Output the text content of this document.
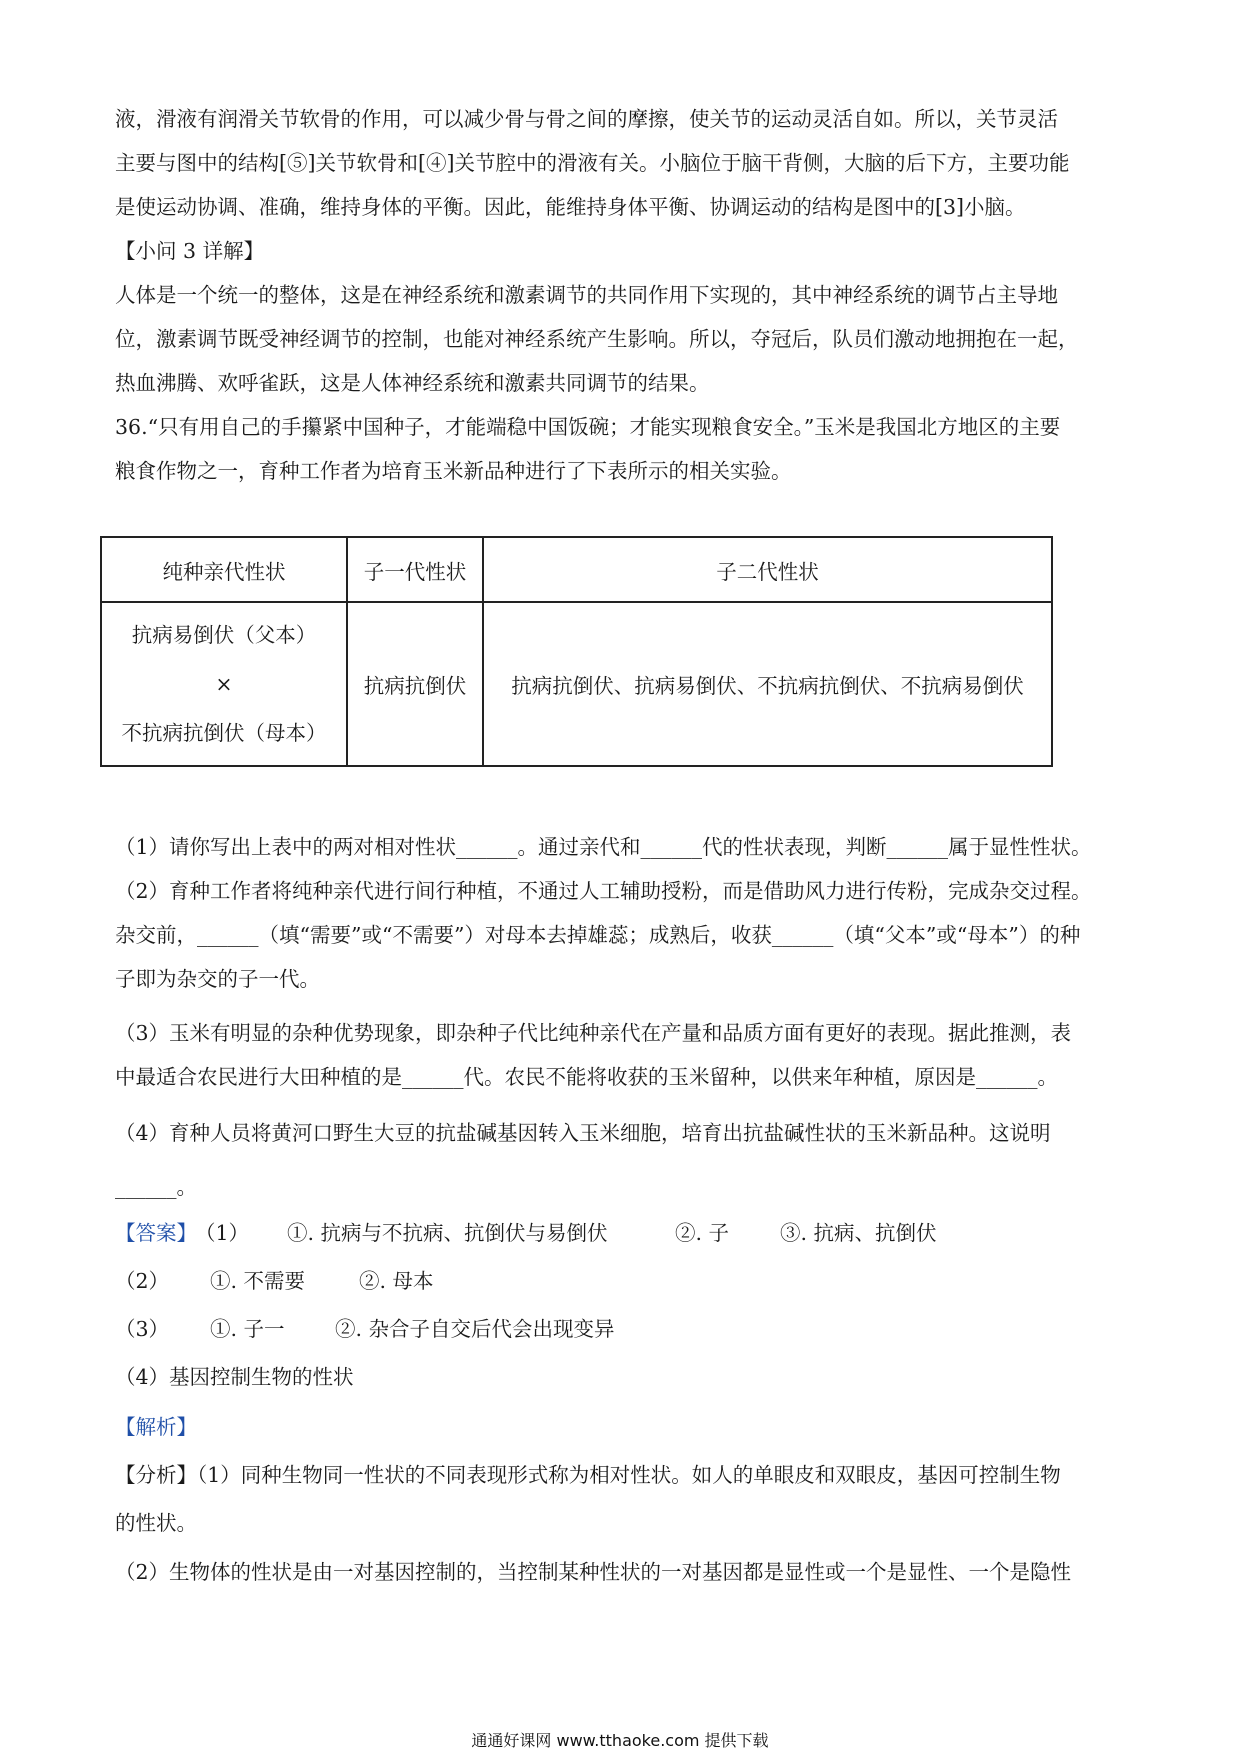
液，滑液有润滑关节软骨的作用，可以减少骨与骨之间的摩擦，使关节的运动灵活自如。所以，关节灵活
主要与图中的结构[⑤]关节软骨和[④]关节腔中的滑液有关。小脑位于脑干背侧，大脑的后下方，主要功能
是使运动协调、准确，维持身体的平衡。因此，能维持身体平衡、协调运动的结构是图中的[3]小脑。
【小问 3 详解】
人体是一个统一的整体，这是在神经系统和激素调节的共同作用下实现的，其中神经系统的调节占主导地
位，激素调节既受神经调节的控制，也能对神经系统产生影响。所以，夺冠后，队员们激动地拥抱在一起，
热血沸腾、欢呼雀跃，这是人体神经系统和激素共同调节的结果。
36.“只有用自己的手攥紧中国种子，才能端稳中国饭碗；才能实现粮食安全。”玉米是我国北方地区的主要
粮食作物之一，育种工作者为培育玉米新品种进行了下表所示的相关实验。
纯种亲代性状	子一代性状	子二代性状

抗病易倒伏（父本）
×
不抗病抗倒伏（母本）	抗病抗倒伏	抗病抗倒伏、抗病易倒伏、不抗病抗倒伏、不抗病易倒伏
（1）请你写出上表中的两对相对性状______。通过亲代和______代的性状表现，判断______属于显性性状。
（2）育种工作者将纯种亲代进行间行种植，不通过人工辅助授粉，而是借助风力进行传粉，完成杂交过程。
杂交前，______（填“需要”或“不需要”）对母本去掉雄蕊；成熟后，收获______（填“父本”或“母本”）的种
子即为杂交的子一代。
（3）玉米有明显的杂种优势现象，即杂种子代比纯种亲代在产量和品质方面有更好的表现。据此推测，表
中最适合农民进行大田种植的是______代。农民不能将收获的玉米留种，以供来年种植，原因是______。
（4）育种人员将黄河口野生大豆的抗盐碱基因转入玉米细胞，培育出抗盐碱性状的玉米新品种。这说明
______。
【答案】
（1） ①. 抗病与不抗病、抗倒伏与易倒伏	②. 子 ③. 抗病、抗倒伏
（2） ①. 不需要	②. 母本
（3） ①. 子一 ②. 杂合子自交后代会出现变异
（4）基因控制生物的性状
【解析】
【分析】（1）同种生物同一性状的不同表现形式称为相对性状。如人的单眼皮和双眼皮，基因可控制生物
的性状。
（2）生物体的性状是由一对基因控制的，当控制某种性状的一对基因都是显性或一个是显性、一个是隐性
通通好课网 www.tthaoke.com 提供下载
